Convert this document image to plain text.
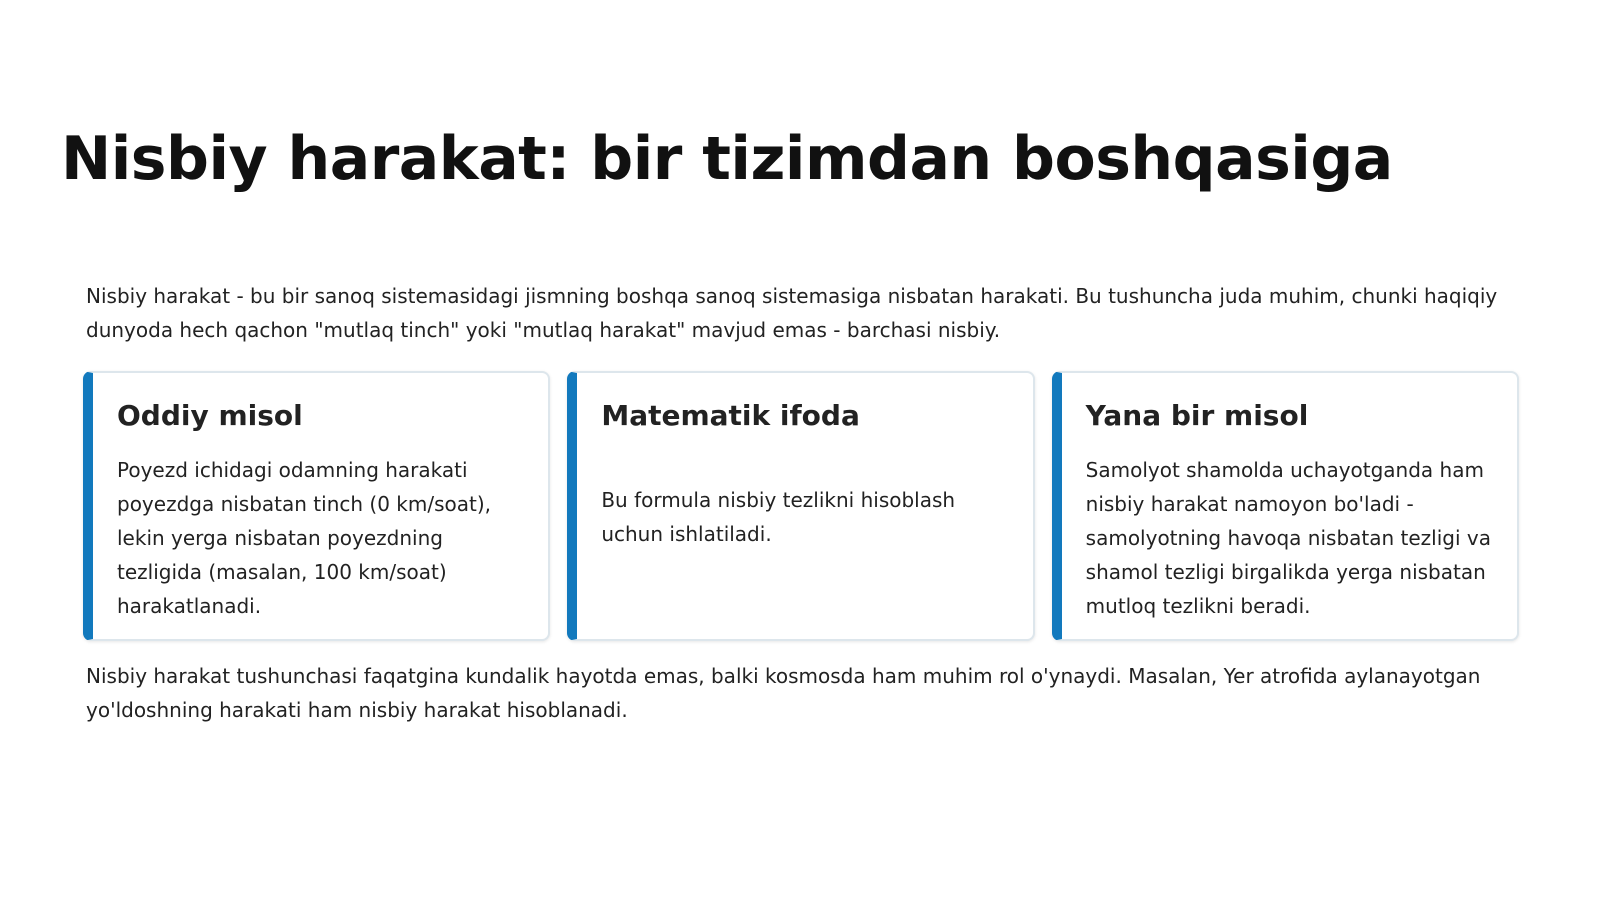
Nisbiy harakat: bir tizimdan boshqasiga

Nisbiy harakat - bu bir sanoq sistemasidagi jismning boshqa sanoq sistemasiga nisbatan harakati. Bu tushuncha juda muhim, chunki haqiqiy dunyoda hech qachon "mutlaq tinch" yoki "mutlaq harakat" mavjud emas - barchasi nisbiy.

Oddiy misol

Poyezd ichidagi odamning harakati poyezdga nisbatan tinch (0 km/soat), lekin yerga nisbatan poyezdning tezligida (masalan, 100 km/soat) harakatlanadi.

Matematik ifoda

Bu formula nisbiy tezlikni hisoblash uchun ishlatiladi.

Yana bir misol

Samolyot shamolda uchayotganda ham nisbiy harakat namoyon bo'ladi - samolyotning havoqa nisbatan tezligi va shamol tezligi birgalikda yerga nisbatan mutloq tezlikni beradi.

Nisbiy harakat tushunchasi faqatgina kundalik hayotda emas, balki kosmosda ham muhim rol o'ynaydi. Masalan, Yer atrofida aylanayotgan yo'ldoshning harakati ham nisbiy harakat hisoblanadi.
